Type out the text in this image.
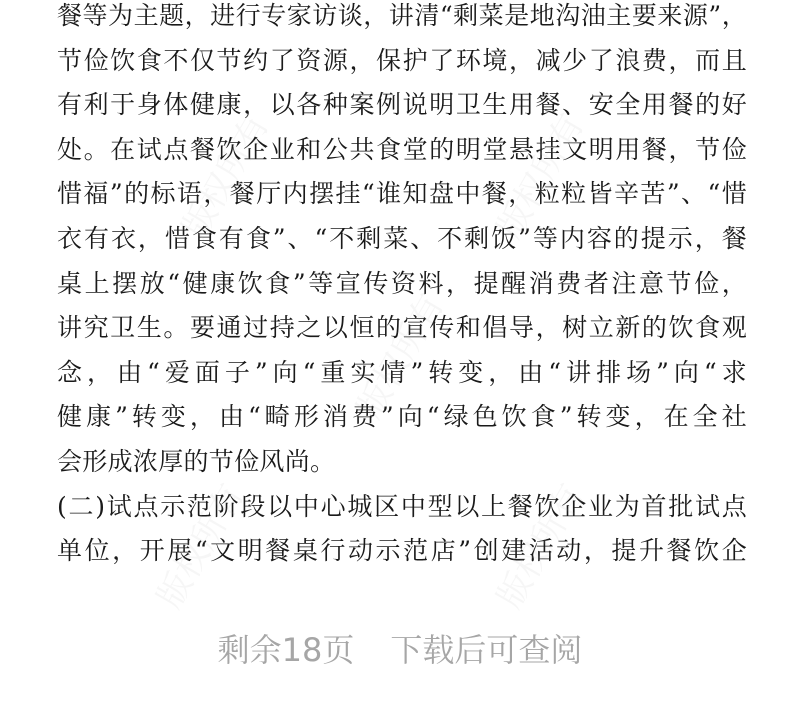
餐等为主题，进行专家访谈，讲清“剩菜是地沟油主要来源”，
节俭饮食不仅节约了资源，保护了环境，减少了浪费，而且
有利于身体健康，以各种案例说明卫生用餐、安全用餐的好
处。在试点餐饮企业和公共食堂的明堂悬挂文明用餐，节俭
惜福”的标语，餐厅内摆挂“谁知盘中餐，粒粒皆辛苦”、“惜
衣有衣，惜食有食”、“不剩菜、不剩饭”等内容的提示，餐
桌上摆放“健康饮食”等宣传资料，提醒消费者注意节俭，
讲究卫生。要通过持之以恒的宣传和倡导，树立新的饮食观
念，由“爱面子”向“重实情”转变，由“讲排场”向“求
健康”转变，由“畸形消费”向“绿色饮食”转变，在全社
会形成浓厚的节俭风尚。
(二)试点示范阶段以中心城区中型以上餐饮企业为首批试点
单位，开展“文明餐桌行动示范店”创建活动，提升餐饮企
版权所有	版权所有
版权所有
版权所有	版权所有
剩余18页 下载后可查阅
